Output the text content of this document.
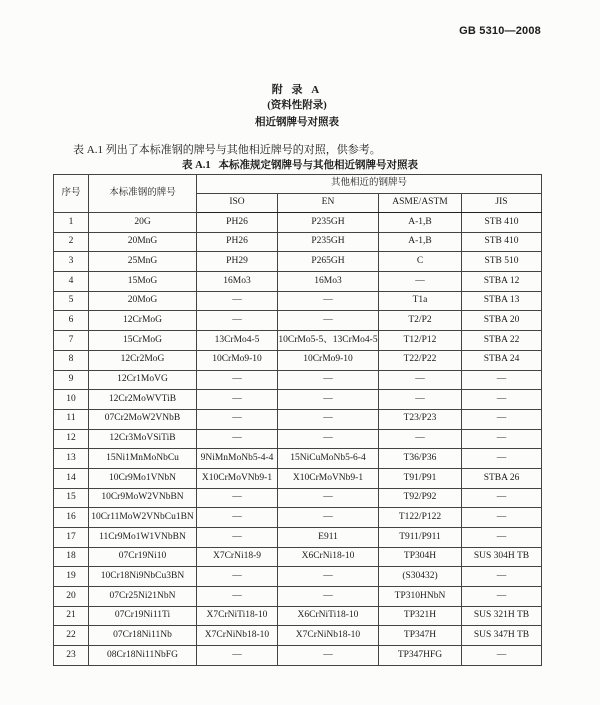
GB 5310—2008
附 录 A
(资料性附录)
相近钢牌号对照表
表 A.1 列出了本标准钢的牌号与其他相近牌号的对照，供参考。
表 A.1   本标准规定钢牌号与其他相近钢牌号对照表
序号	本标准钢的牌号	其他相近的钢牌号			
		ISO	EN	ASME/ASTM	JIS
1	20G	PH26	P235GH	A-1,B	STB 410
2	20MnG	PH26	P235GH	A-1,B	STB 410
3	25MnG	PH29	P265GH	C	STB 510
4	15MoG	16Mo3	16Mo3	—	STBA 12
5	20MoG	—	—	T1a	STBA 13
6	12CrMoG	—	—	T2/P2	STBA 20
7	15CrMoG	13CrMo4-5	10CrMo5-5、13CrMo4-5	T12/P12	STBA 22
8	12Cr2MoG	10CrMo9-10	10CrMo9-10	T22/P22	STBA 24
9	12Cr1MoVG	—	—	—	—
10	12Cr2MoWVTiB	—	—	—	—
11	07Cr2MoW2VNbB	—	—	T23/P23	—
12	12Cr3MoVSiTiB	—	—	—	—
13	15Ni1MnMoNbCu	9NiMnMoNb5-4-4	15NiCuMoNb5-6-4	T36/P36	—
14	10Cr9Mo1VNbN	X10CrMoVNb9-1	X10CrMoVNb9-1	T91/P91	STBA 26
15	10Cr9MoW2VNbBN	—	—	T92/P92	—
16	10Cr11MoW2VNbCu1BN	—	—	T122/P122	—
17	11Cr9Mo1W1VNbBN	—	E911	T911/P911	—
18	07Cr19Ni10	X7CrNi18-9	X6CrNi18-10	TP304H	SUS 304H TB
19	10Cr18Ni9NbCu3BN	—	—	(S30432)	—
20	07Cr25Ni21NbN	—	—	TP310HNbN	—
21	07Cr19Ni11Ti	X7CrNiTi18-10	X6CrNiTi18-10	TP321H	SUS 321H TB
22	07Cr18Ni11Nb	X7CrNiNb18-10	X7CrNiNb18-10	TP347H	SUS 347H TB
23	08Cr18Ni11NbFG	—	—	TP347HFG	—
